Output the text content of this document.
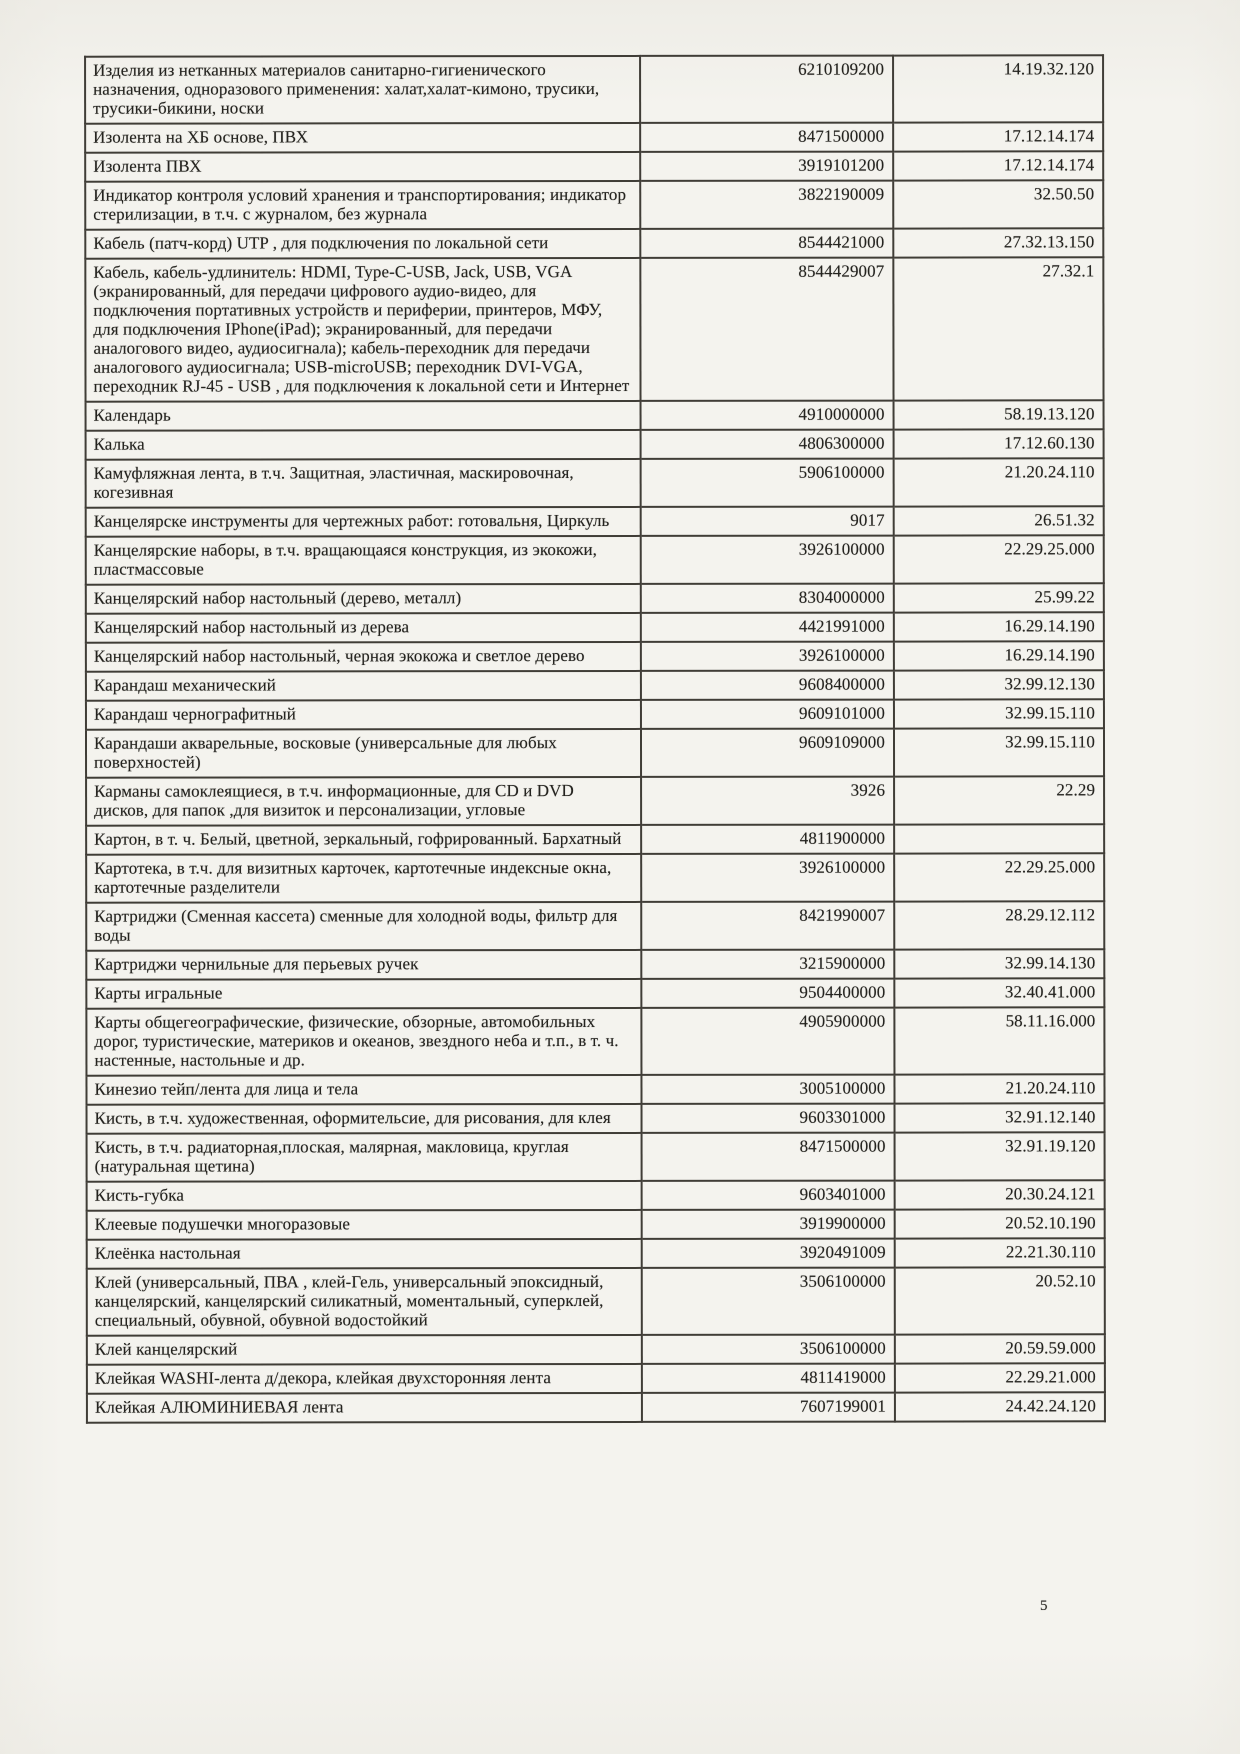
Изделия из нетканных материалов санитарно-гигиенического назначения, одноразового применения: халат,халат-кимоно, трусики, трусики-бикини, носки	6210109200	14.19.32.120
Изолента на ХБ основе, ПВХ	8471500000	17.12.14.174
Изолента ПВХ	3919101200	17.12.14.174
Индикатор контроля условий хранения и транспортирования; индикатор стерилизации, в т.ч. с журналом, без журнала	3822190009	32.50.50
Кабель (патч-корд) UTP , для подключения по локальной сети	8544421000	27.32.13.150
Кабель, кабель-удлинитель: HDMI, Type-C-USB, Jack, USB, VGA (экранированный, для передачи цифрового аудио-видео, для подключения портативных устройств и периферии, принтеров, МФУ, для подключения IPhone(iPad); экранированный, для передачи аналогового видео, аудиосигнала); кабель-переходник для передачи аналогового аудиосигнала; USB-microUSB; переходник DVI-VGA, переходник RJ-45 - USB , для подключения к локальной сети и Интернет	8544429007	27.32.1
Календарь	4910000000	58.19.13.120
Калька	4806300000	17.12.60.130
Камуфляжная лента, в т.ч. Защитная, эластичная, маскировочная, когезивная	5906100000	21.20.24.110
Канцелярске инструменты для чертежных работ: готовальня, Циркуль	9017	26.51.32
Канцелярские наборы, в т.ч. вращающаяся конструкция, из экокожи, пластмассовые	3926100000	22.29.25.000
Канцелярский набор настольный (дерево, металл)	8304000000	25.99.22
Канцелярский набор настольный из дерева	4421991000	16.29.14.190
Канцелярский набор настольный, черная экокожа и светлое дерево	3926100000	16.29.14.190
Карандаш механический	9608400000	32.99.12.130
Карандаш чернографитный	9609101000	32.99.15.110
Карандаши акварельные, восковые (универсальные для любых поверхностей)	9609109000	32.99.15.110
Карманы самоклеящиеся, в т.ч. информационные, для CD и DVD дисков, для папок ,для визиток и персонализации, угловые	3926	22.29
Картон, в т. ч. Белый, цветной, зеркальный, гофрированный. Бархатный	4811900000	
Картотека, в т.ч. для визитных карточек, картотечные индексные окна, картотечные разделители	3926100000	22.29.25.000
Картриджи (Сменная кассета) сменные для холодной воды, фильтр для воды	8421990007	28.29.12.112
Картриджи чернильные для перьевых ручек	3215900000	32.99.14.130
Карты игральные	9504400000	32.40.41.000
Карты общегеографические, физические, обзорные, автомобильных дорог, туристические, материков и океанов, звездного неба и т.п., в т. ч. настенные, настольные и др.	4905900000	58.11.16.000
Кинезио тейп/лента для лица и тела	3005100000	21.20.24.110
Кисть, в т.ч. художественная, оформительсие, для рисования, для клея	9603301000	32.91.12.140
Кисть, в т.ч. радиаторная,плоская, малярная, макловица, круглая (натуральная щетина)	8471500000	32.91.19.120
Кисть-губка	9603401000	20.30.24.121
Клеевые подушечки многоразовые	3919900000	20.52.10.190
Клеёнка настольная	3920491009	22.21.30.110
Клей (универсальный, ПВА , клей-Гель, универсальный эпоксидный, канцелярский, канцелярский силикатный, моментальный, суперклей, специальный, обувной, обувной водостойкий	3506100000	20.52.10
Клей канцелярский	3506100000	20.59.59.000
Клейкая WASHI-лента д/декора, клейкая двухсторонняя лента	4811419000	22.29.21.000
Клейкая АЛЮМИНИЕВАЯ лента	7607199001	24.42.24.120
5
